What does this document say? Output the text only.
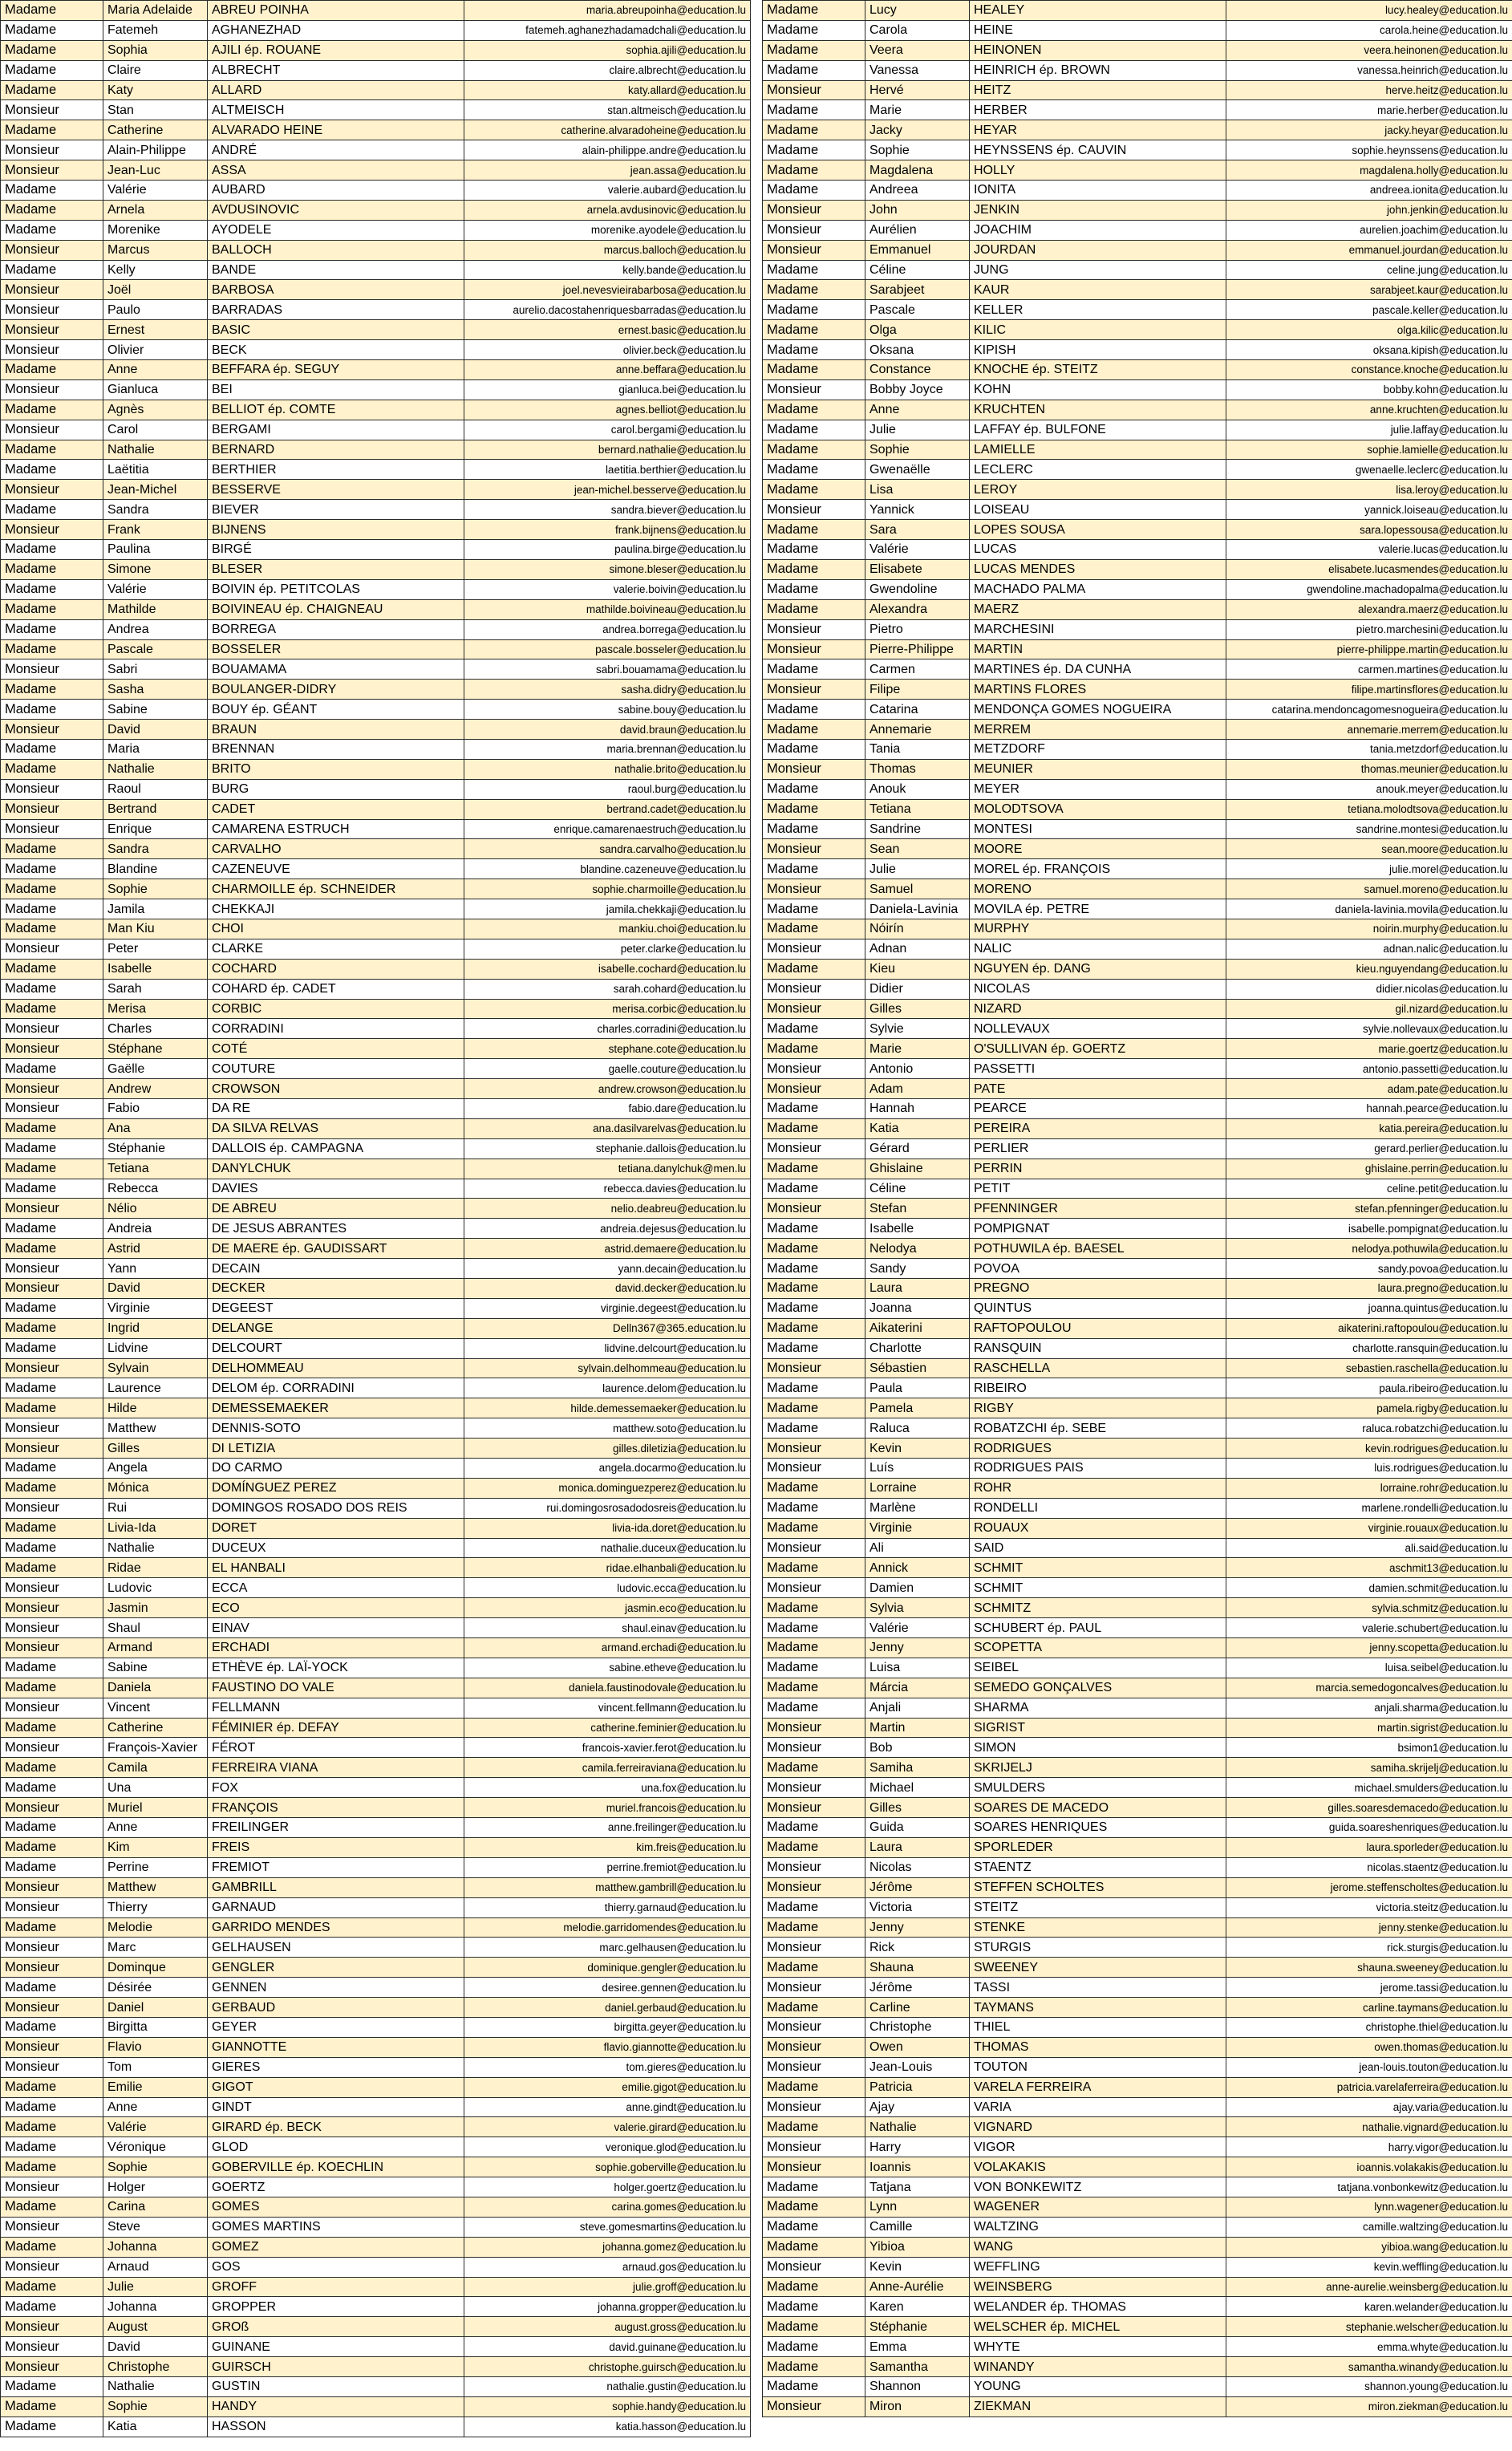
Madame	Maria Adelaide	ABREU POINHA	maria.abreupoinha@education.lu
Madame	Fatemeh	AGHANEZHAD	fatemeh.aghanezhadamadchali@education.lu
Madame	Sophia	AJILI ép. ROUANE	sophia.ajili@education.lu
Madame	Claire	ALBRECHT	claire.albrecht@education.lu
Madame	Katy	ALLARD	katy.allard@education.lu
Monsieur	Stan	ALTMEISCH	stan.altmeisch@education.lu
Madame	Catherine	ALVARADO HEINE	catherine.alvaradoheine@education.lu
Monsieur	Alain-Philippe	ANDRÉ	alain-philippe.andre@education.lu
Monsieur	Jean-Luc	ASSA	jean.assa@education.lu
Madame	Valérie	AUBARD	valerie.aubard@education.lu
Madame	Arnela	AVDUSINOVIC	arnela.avdusinovic@education.lu
Madame	Morenike	AYODELE	morenike.ayodele@education.lu
Monsieur	Marcus	BALLOCH	marcus.balloch@education.lu
Madame	Kelly	BANDE	kelly.bande@education.lu
Monsieur	Joël	BARBOSA	joel.nevesvieirabarbosa@education.lu
Monsieur	Paulo	BARRADAS	aurelio.dacostahenriquesbarradas@education.lu
Monsieur	Ernest	BASIC	ernest.basic@education.lu
Monsieur	Olivier	BECK	olivier.beck@education.lu
Madame	Anne	BEFFARA ép. SEGUY	anne.beffara@education.lu
Monsieur	Gianluca	BEI	gianluca.bei@education.lu
Madame	Agnès	BELLIOT ép. COMTE	agnes.belliot@education.lu
Monsieur	Carol	BERGAMI	carol.bergami@education.lu
Madame	Nathalie	BERNARD	bernard.nathalie@education.lu
Madame	Laëtitia	BERTHIER	laetitia.berthier@education.lu
Monsieur	Jean-Michel	BESSERVE	jean-michel.besserve@education.lu
Madame	Sandra	BIEVER	sandra.biever@education.lu
Monsieur	Frank	BIJNENS	frank.bijnens@education.lu
Madame	Paulina	BIRGÉ	paulina.birge@education.lu
Madame	Simone	BLESER	simone.bleser@education.lu
Madame	Valérie	BOIVIN ép. PETITCOLAS	valerie.boivin@education.lu
Madame	Mathilde	BOIVINEAU ép. CHAIGNEAU	mathilde.boivineau@education.lu
Madame	Andrea	BORREGA	andrea.borrega@education.lu
Madame	Pascale	BOSSELER	pascale.bosseler@education.lu
Monsieur	Sabri	BOUAMAMA	sabri.bouamama@education.lu
Madame	Sasha	BOULANGER-DIDRY	sasha.didry@education.lu
Madame	Sabine	BOUY ép. GÉANT	sabine.bouy@education.lu
Monsieur	David	BRAUN	david.braun@education.lu
Madame	Maria	BRENNAN	maria.brennan@education.lu
Madame	Nathalie	BRITO	nathalie.brito@education.lu
Monsieur	Raoul	BURG	raoul.burg@education.lu
Monsieur	Bertrand	CADET	bertrand.cadet@education.lu
Monsieur	Enrique	CAMARENA ESTRUCH	enrique.camarenaestruch@education.lu
Madame	Sandra	CARVALHO	sandra.carvalho@education.lu
Madame	Blandine	CAZENEUVE	blandine.cazeneuve@education.lu
Madame	Sophie	CHARMOILLE ép. SCHNEIDER	sophie.charmoille@education.lu
Madame	Jamila	CHEKKAJI	jamila.chekkaji@education.lu
Madame	Man Kiu	CHOI	mankiu.choi@education.lu
Monsieur	Peter	CLARKE	peter.clarke@education.lu
Madame	Isabelle	COCHARD	isabelle.cochard@education.lu
Madame	Sarah	COHARD ép. CADET	sarah.cohard@education.lu
Madame	Merisa	CORBIC	merisa.corbic@education.lu
Monsieur	Charles	CORRADINI	charles.corradini@education.lu
Monsieur	Stéphane	COTÉ	stephane.cote@education.lu
Madame	Gaëlle	COUTURE	gaelle.couture@education.lu
Monsieur	Andrew	CROWSON	andrew.crowson@education.lu
Monsieur	Fabio	DA RE	fabio.dare@education.lu
Madame	Ana	DA SILVA RELVAS	ana.dasilvarelvas@education.lu
Madame	Stéphanie	DALLOIS ép. CAMPAGNA	stephanie.dallois@education.lu
Madame	Tetiana	DANYLCHUK	tetiana.danylchuk@men.lu
Madame	Rebecca	DAVIES	rebecca.davies@education.lu
Monsieur	Nélio	DE ABREU	nelio.deabreu@education.lu
Madame	Andreia	DE JESUS ABRANTES	andreia.dejesus@education.lu
Madame	Astrid	DE MAERE ép. GAUDISSART	astrid.demaere@education.lu
Monsieur	Yann	DECAIN	yann.decain@education.lu
Monsieur	David	DECKER	david.decker@education.lu
Madame	Virginie	DEGEEST	virginie.degeest@education.lu
Madame	Ingrid	DELANGE	Delln367@365.education.lu
Madame	Lidvine	DELCOURT	lidvine.delcourt@education.lu
Monsieur	Sylvain	DELHOMMEAU	sylvain.delhommeau@education.lu
Madame	Laurence	DELOM ép. CORRADINI	laurence.delom@education.lu
Madame	Hilde	DEMESSEMAEKER	hilde.demessemaeker@education.lu
Monsieur	Matthew	DENNIS-SOTO	matthew.soto@education.lu
Monsieur	Gilles	DI LETIZIA	gilles.diletizia@education.lu
Madame	Angela	DO CARMO	angela.docarmo@education.lu
Madame	Mónica	DOMÍNGUEZ PEREZ	monica.dominguezperez@education.lu
Monsieur	Rui	DOMINGOS ROSADO DOS REIS	rui.domingosrosadodosreis@education.lu
Madame	Livia-Ida	DORET	livia-ida.doret@education.lu
Madame	Nathalie	DUCEUX	nathalie.duceux@education.lu
Madame	Ridae	EL HANBALI	ridae.elhanbali@education.lu
Monsieur	Ludovic	ECCA	ludovic.ecca@education.lu
Monsieur	Jasmin	ECO	jasmin.eco@education.lu
Monsieur	Shaul	EINAV	shaul.einav@education.lu
Monsieur	Armand	ERCHADI	armand.erchadi@education.lu
Madame	Sabine	ETHÈVE ép. LAÏ-YOCK	sabine.etheve@education.lu
Madame	Daniela	FAUSTINO DO VALE	daniela.faustinodovale@education.lu
Monsieur	Vincent	FELLMANN	vincent.fellmann@education.lu
Madame	Catherine	FÉMINIER ép. DEFAY	catherine.feminier@education.lu
Monsieur	François-Xavier	FÉROT	francois-xavier.ferot@education.lu
Madame	Camila	FERREIRA VIANA	camila.ferreiraviana@education.lu
Madame	Una	FOX	una.fox@education.lu
Monsieur	Muriel	FRANÇOIS	muriel.francois@education.lu
Madame	Anne	FREILINGER	anne.freilinger@education.lu
Madame	Kim	FREIS	kim.freis@education.lu
Madame	Perrine	FREMIOT	perrine.fremiot@education.lu
Monsieur	Matthew	GAMBRILL	matthew.gambrill@education.lu
Monsieur	Thierry	GARNAUD	thierry.garnaud@education.lu
Madame	Melodie	GARRIDO MENDES	melodie.garridomendes@education.lu
Monsieur	Marc	GELHAUSEN	marc.gelhausen@education.lu
Monsieur	Dominque	GENGLER	dominique.gengler@education.lu
Madame	Désirée	GENNEN	desiree.gennen@education.lu
Monsieur	Daniel	GERBAUD	daniel.gerbaud@education.lu
Madame	Birgitta	GEYER	birgitta.geyer@education.lu
Monsieur	Flavio	GIANNOTTE	flavio.giannotte@education.lu
Monsieur	Tom	GIERES	tom.gieres@education.lu
Madame	Emilie	GIGOT	emilie.gigot@education.lu
Madame	Anne	GINDT	anne.gindt@education.lu
Madame	Valérie	GIRARD ép. BECK	valerie.girard@education.lu
Madame	Véronique	GLOD	veronique.glod@education.lu
Madame	Sophie	GOBERVILLE ép. KOECHLIN	sophie.goberville@education.lu
Monsieur	Holger	GOERTZ	holger.goertz@education.lu
Madame	Carina	GOMES	carina.gomes@education.lu
Monsieur	Steve	GOMES MARTINS	steve.gomesmartins@education.lu
Madame	Johanna	GOMEZ	johanna.gomez@education.lu
Monsieur	Arnaud	GOS	arnaud.gos@education.lu
Madame	Julie	GROFF	julie.groff@education.lu
Madame	Johanna	GROPPER	johanna.gropper@education.lu
Monsieur	August	GROß	august.gross@education.lu
Monsieur	David	GUINANE	david.guinane@education.lu
Monsieur	Christophe	GUIRSCH	christophe.guirsch@education.lu
Madame	Nathalie	GUSTIN	nathalie.gustin@education.lu
Madame	Sophie	HANDY	sophie.handy@education.lu
Madame	Katia	HASSON	katia.hasson@education.lu
Madame	Lucy	HEALEY	lucy.healey@education.lu
Madame	Carola	HEINE	carola.heine@education.lu
Madame	Veera	HEINONEN	veera.heinonen@education.lu
Madame	Vanessa	HEINRICH ép. BROWN	vanessa.heinrich@education.lu
Monsieur	Hervé	HEITZ	herve.heitz@education.lu
Madame	Marie	HERBER	marie.herber@education.lu
Madame	Jacky	HEYAR	jacky.heyar@education.lu
Madame	Sophie	HEYNSSENS ép. CAUVIN	sophie.heynssens@education.lu
Madame	Magdalena	HOLLY	magdalena.holly@education.lu
Madame	Andreea	IONITA	andreea.ionita@education.lu
Monsieur	John	JENKIN	john.jenkin@education.lu
Monsieur	Aurélien	JOACHIM	aurelien.joachim@education.lu
Monsieur	Emmanuel	JOURDAN	emmanuel.jourdan@education.lu
Madame	Céline	JUNG	celine.jung@education.lu
Madame	Sarabjeet	KAUR	sarabjeet.kaur@education.lu
Madame	Pascale	KELLER	pascale.keller@education.lu
Madame	Olga	KILIC	olga.kilic@education.lu
Madame	Oksana	KIPISH	oksana.kipish@education.lu
Madame	Constance	KNOCHE ép. STEITZ	constance.knoche@education.lu
Monsieur	Bobby Joyce	KOHN	bobby.kohn@education.lu
Madame	Anne	KRUCHTEN	anne.kruchten@education.lu
Madame	Julie	LAFFAY ép. BULFONE	julie.laffay@education.lu
Madame	Sophie	LAMIELLE	sophie.lamielle@education.lu
Madame	Gwenaëlle	LECLERC	gwenaelle.leclerc@education.lu
Madame	Lisa	LEROY	lisa.leroy@education.lu
Monsieur	Yannick	LOISEAU	yannick.loiseau@education.lu
Madame	Sara	LOPES SOUSA	sara.lopessousa@education.lu
Madame	Valérie	LUCAS	valerie.lucas@education.lu
Madame	Elisabete	LUCAS MENDES	elisabete.lucasmendes@education.lu
Madame	Gwendoline	MACHADO PALMA	gwendoline.machadopalma@education.lu
Madame	Alexandra	MAERZ	alexandra.maerz@education.lu
Monsieur	Pietro	MARCHESINI	pietro.marchesini@education.lu
Monsieur	Pierre-Philippe	MARTIN	pierre-philippe.martin@education.lu
Madame	Carmen	MARTINES ép. DA CUNHA	carmen.martines@education.lu
Monsieur	Filipe	MARTINS FLORES	filipe.martinsflores@education.lu
Madame	Catarina	MENDONÇA GOMES NOGUEIRA	catarina.mendoncagomesnogueira@education.lu
Madame	Annemarie	MERREM	annemarie.merrem@education.lu
Madame	Tania	METZDORF	tania.metzdorf@education.lu
Monsieur	Thomas	MEUNIER	thomas.meunier@education.lu
Madame	Anouk	MEYER	anouk.meyer@education.lu
Madame	Tetiana	MOLODTSOVA	tetiana.molodtsova@education.lu
Madame	Sandrine	MONTESI	sandrine.montesi@education.lu
Monsieur	Sean	MOORE	sean.moore@education.lu
Madame	Julie	MOREL ép. FRANÇOIS	julie.morel@education.lu
Monsieur	Samuel	MORENO	samuel.moreno@education.lu
Madame	Daniela-Lavinia	MOVILA ép. PETRE	daniela-lavinia.movila@education.lu
Madame	Nóirín	MURPHY	noirin.murphy@education.lu
Monsieur	Adnan	NALIC	adnan.nalic@education.lu
Madame	Kieu	NGUYEN ép. DANG	kieu.nguyendang@education.lu
Monsieur	Didier	NICOLAS	didier.nicolas@education.lu
Monsieur	Gilles	NIZARD	gil.nizard@education.lu
Madame	Sylvie	NOLLEVAUX	sylvie.nollevaux@education.lu
Madame	Marie	O'SULLIVAN ép. GOERTZ	marie.goertz@education.lu
Monsieur	Antonio	PASSETTI	antonio.passetti@education.lu
Monsieur	Adam	PATE	adam.pate@education.lu
Madame	Hannah	PEARCE	hannah.pearce@education.lu
Madame	Katia	PEREIRA	katia.pereira@education.lu
Monsieur	Gérard	PERLIER	gerard.perlier@education.lu
Madame	Ghislaine	PERRIN	ghislaine.perrin@education.lu
Madame	Céline	PETIT	celine.petit@education.lu
Monsieur	Stefan	PFENNINGER	stefan.pfenninger@education.lu
Madame	Isabelle	POMPIGNAT	isabelle.pompignat@education.lu
Madame	Nelodya	POTHUWILA ép. BAESEL	nelodya.pothuwila@education.lu
Madame	Sandy	POVOA	sandy.povoa@education.lu
Madame	Laura	PREGNO	laura.pregno@education.lu
Madame	Joanna	QUINTUS	joanna.quintus@education.lu
Madame	Aikaterini	RAFTOPOULOU	aikaterini.raftopoulou@education.lu
Madame	Charlotte	RANSQUIN	charlotte.ransquin@education.lu
Monsieur	Sébastien	RASCHELLA	sebastien.raschella@education.lu
Madame	Paula	RIBEIRO	paula.ribeiro@education.lu
Madame	Pamela	RIGBY	pamela.rigby@education.lu
Madame	Raluca	ROBATZCHI ép. SEBE	raluca.robatzchi@education.lu
Monsieur	Kevin	RODRIGUES	kevin.rodrigues@education.lu
Monsieur	Luís	RODRIGUES PAIS	luis.rodrigues@education.lu
Madame	Lorraine	ROHR	lorraine.rohr@education.lu
Madame	Marlène	RONDELLI	marlene.rondelli@education.lu
Madame	Virginie	ROUAUX	virginie.rouaux@education.lu
Monsieur	Ali	SAID	ali.said@education.lu
Madame	Annick	SCHMIT	aschmit13@education.lu
Monsieur	Damien	SCHMIT	damien.schmit@education.lu
Madame	Sylvia	SCHMITZ	sylvia.schmitz@education.lu
Madame	Valérie	SCHUBERT ép. PAUL	valerie.schubert@education.lu
Madame	Jenny	SCOPETTA	jenny.scopetta@education.lu
Madame	Luisa	SEIBEL	luisa.seibel@education.lu
Madame	Márcia	SEMEDO GONÇALVES	marcia.semedogoncalves@education.lu
Madame	Anjali	SHARMA	anjali.sharma@education.lu
Monsieur	Martin	SIGRIST	martin.sigrist@education.lu
Monsieur	Bob	SIMON	bsimon1@education.lu
Madame	Samiha	SKRIJELJ	samiha.skrijelj@education.lu
Monsieur	Michael	SMULDERS	michael.smulders@education.lu
Monsieur	Gilles	SOARES DE MACEDO	gilles.soaresdemacedo@education.lu
Madame	Guida	SOARES HENRIQUES	guida.soareshenriques@education.lu
Madame	Laura	SPORLEDER	laura.sporleder@education.lu
Monsieur	Nicolas	STAENTZ	nicolas.staentz@education.lu
Monsieur	Jérôme	STEFFEN SCHOLTES	jerome.steffenscholtes@education.lu
Madame	Victoria	STEITZ	victoria.steitz@education.lu
Madame	Jenny	STENKE	jenny.stenke@education.lu
Monsieur	Rick	STURGIS	rick.sturgis@education.lu
Madame	Shauna	SWEENEY	shauna.sweeney@education.lu
Monsieur	Jérôme	TASSI	jerome.tassi@education.lu
Madame	Carline	TAYMANS	carline.taymans@education.lu
Monsieur	Christophe	THIEL	christophe.thiel@education.lu
Monsieur	Owen	THOMAS	owen.thomas@education.lu
Monsieur	Jean-Louis	TOUTON	jean-louis.touton@education.lu
Madame	Patricia	VARELA FERREIRA	patricia.varelaferreira@education.lu
Monsieur	Ajay	VARIA	ajay.varia@education.lu
Madame	Nathalie	VIGNARD	nathalie.vignard@education.lu
Monsieur	Harry	VIGOR	harry.vigor@education.lu
Monsieur	Ioannis	VOLAKAKIS	ioannis.volakakis@education.lu
Madame	Tatjana	VON BONKEWITZ	tatjana.vonbonkewitz@education.lu
Madame	Lynn	WAGENER	lynn.wagener@education.lu
Madame	Camille	WALTZING	camille.waltzing@education.lu
Madame	Yibioa	WANG	yibioa.wang@education.lu
Monsieur	Kevin	WEFFLING	kevin.weffling@education.lu
Madame	Anne-Aurélie	WEINSBERG	anne-aurelie.weinsberg@education.lu
Madame	Karen	WELANDER ép. THOMAS	karen.welander@education.lu
Madame	Stéphanie	WELSCHER ép. MICHEL	stephanie.welscher@education.lu
Madame	Emma	WHYTE	emma.whyte@education.lu
Madame	Samantha	WINANDY	samantha.winandy@education.lu
Madame	Shannon	YOUNG	shannon.young@education.lu
Monsieur	Miron	ZIEKMAN	miron.ziekman@education.lu
